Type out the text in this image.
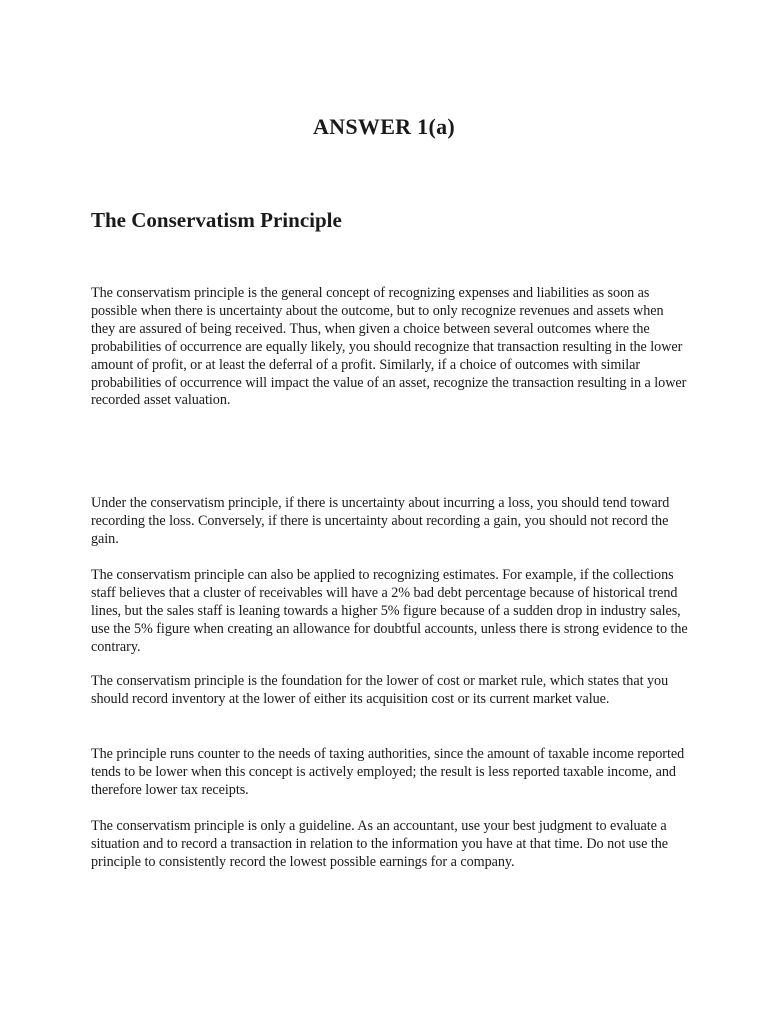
ANSWER 1(a)
The Conservatism Principle

The conservatism principle is the general concept of recognizing expenses and liabilities as soon as possible when there is uncertainty about the outcome, but to only recognize revenues and assets when they are assured of being received. Thus, when given a choice between several outcomes where the probabilities of occurrence are equally likely, you should recognize that transaction resulting in the lower amount of profit, or at least the deferral of a profit. Similarly, if a choice of outcomes with similar probabilities of occurrence will impact the value of an asset, recognize the transaction resulting in a lower recorded asset valuation.

Under the conservatism principle, if there is uncertainty about incurring a loss, you should tend toward recording the loss. Conversely, if there is uncertainty about recording a gain, you should not record the gain.

The conservatism principle can also be applied to recognizing estimates. For example, if the collections staff believes that a cluster of receivables will have a 2% bad debt percentage because of historical trend lines, but the sales staff is leaning towards a higher 5% figure because of a sudden drop in industry sales, use the 5% figure when creating an allowance for doubtful accounts, unless there is strong evidence to the contrary.

The conservatism principle is the foundation for the lower of cost or market rule, which states that you should record inventory at the lower of either its acquisition cost or its current market value.

The principle runs counter to the needs of taxing authorities, since the amount of taxable income reported tends to be lower when this concept is actively employed; the result is less reported taxable income, and therefore lower tax receipts.

The conservatism principle is only a guideline. As an accountant, use your best judgment to evaluate a situation and to record a transaction in relation to the information you have at that time. Do not use the principle to consistently record the lowest possible earnings for a company.
